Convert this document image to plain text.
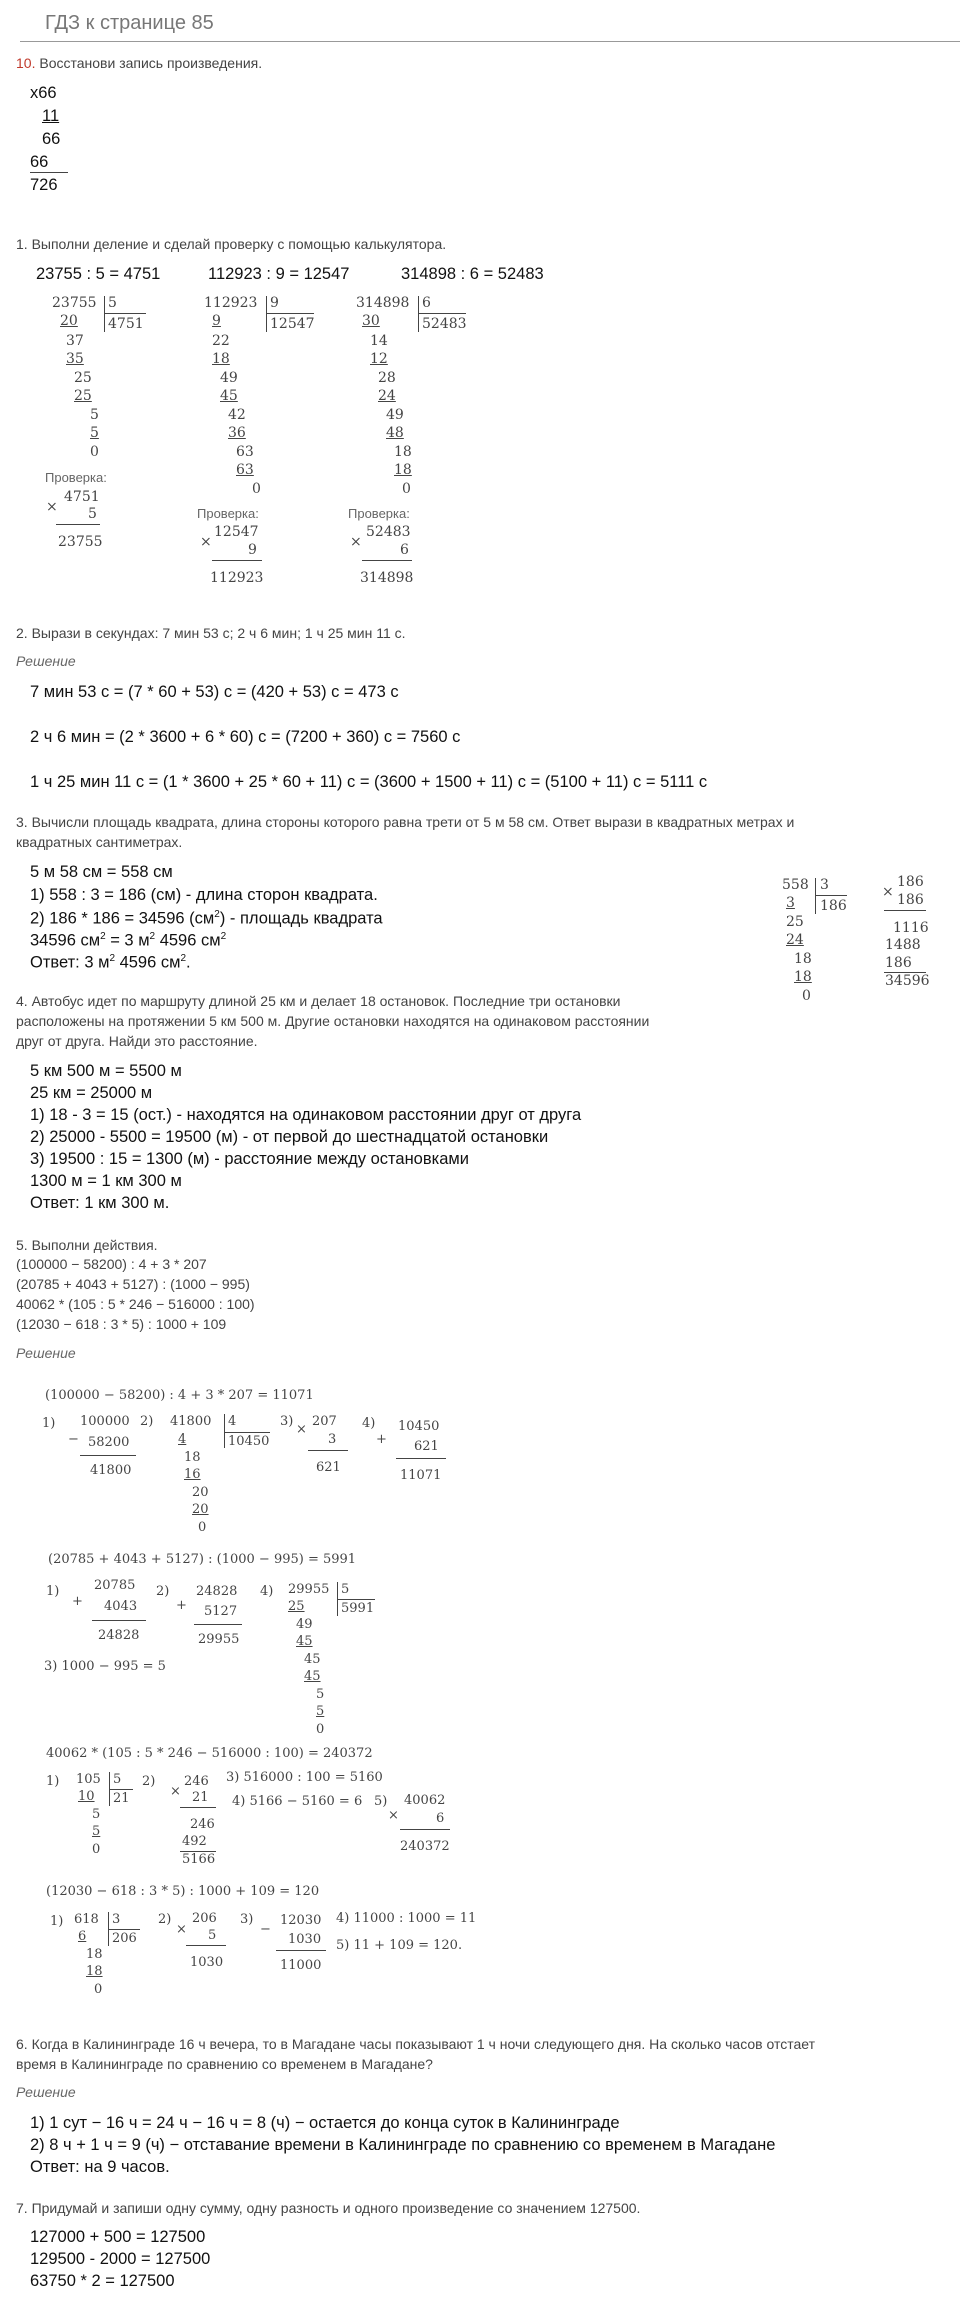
ГДЗ к странице 85
10. Восстанови запись произведения.
x66
11
66
66
726
1. Выполни деление и сделай проверку с помощью калькулятора.
23755 : 5 = 4751	112923 : 9 = 12547	314898 : 6 = 52483
23755 5
20 4751
37
35
25
25
5
5
0
Проверка:
×
4751
5
23755
112923 9
9	12547
22
18
49
45
42
36
63
63
0
Проверка:
×
12547
9
112923
314898 6
30	52483
14
12
28
24
49
48
18
18
0
Проверка:
×
52483
6
314898
2. Вырази в секундах: 7 мин 53 с; 2 ч 6 мин; 1 ч 25 мин 11 с.
Решение
7 мин 53 с = (7 * 60 + 53) с = (420 + 53) с = 473 с
2 ч 6 мин = (2 * 3600 + 6 * 60) с = (7200 + 360) с = 7560 с
1 ч 25 мин 11 с = (1 * 3600 + 25 * 60 + 11) с = (3600 + 1500 + 11) с = (5100 + 11) с = 5111 с
3. Вычисли площадь квадрата, длина стороны которого равна трети от 5 м 58 см. Ответ вырази в квадратных метрах и
квадратных сантиметрах.
5 м 58 см = 558 см
1) 558 : 3 = 186 (см) - длина сторон квадрата.
2) 186 * 186 = 34596 $(см^2)$ - площадь квадрата
34596 $см^2 = 3$ $м^2$ 4596 $см^2$
Ответ: 3 $м^2$ 4596 $см^2$.
558 3
3 186
25
24
18
18
0
×
186
186
1116
1488
186
34596
4. Автобус идет по маршруту длиной 25 км и делает 18 остановок. Последние три остановки
расположены на протяжении 5 км 500 м. Другие остановки находятся на одинаковом расстоянии
друг от друга. Найди это расстояние.
5 км 500 м = 5500 м
25 км = 25000 м
1) 18 - 3 = 15 (ост.) - находятся на одинаковом расстоянии друг от друга
2) 25000 - 5500 = 19500 (м) - от первой до шестнадцатой остановки
3) 19500 : 15 = 1300 (м) - расстояние между остановками
1300 м = 1 км 300 м
Ответ: 1 км 300 м.
5. Выполни действия.
(100000 − 58200) : 4 + 3 * 207
(20785 + 4043 + 5127) : (1000 − 995)
40062 * (105 : 5 * 246 − 516000 : 100)
(12030 − 618 : 3 * 5) : 1000 + 109
Решение
(100000 − 58200) : 4 + 3 * 207 = 11071
1)
−
100000
58200
41800
2) 41800 4
4	10450
18
16
20
20
0
3)
×
207
3
621
4)
+
10450
621
11071
(20785 + 4043 + 5127) : (1000 − 995) = 5991
1)
+
20785
4043
24828
2)
+
24828
5127
29955
4) 29955 5
25	5991
49
45
45
45
5
5
0
3) 1000 − 995 = 5
40062 * (105 : 5 * 246 − 516000 : 100) = 240372
1) 105 5
10 21
5
5
0
2)
×
246
21
246
492
5166
3) 516000 : 100 = 5160
4) 5166 − 5160 = 6 5)
×
40062
6
240372
(12030 − 618 : 3 * 5) : 1000 + 109 = 120
1) 618 3
6 206
18
18
0
2)
×
206
5
1030
3)
−
12030
1030
11000
4) 11000 : 1000 = 11
5) 11 + 109 = 120.
6. Когда в Калининграде 16 ч вечера, то в Магадане часы показывают 1 ч ночи следующего дня. На сколько часов отстает
время в Калининграде по сравнению со временем в Магадане?
Решение
1) 1 сут − 16 ч = 24 ч − 16 ч = 8 (ч) − остается до конца суток в Калининграде
2) 8 ч + 1 ч = 9 (ч) − отставание времени в Калининграде по сравнению со временем в Магадане
Ответ: на 9 часов.
7. Придумай и запиши одну сумму, одну разность и одного произведение со значением 127500.
127000 + 500 = 127500
129500 - 2000 = 127500
63750 * 2 = 127500
